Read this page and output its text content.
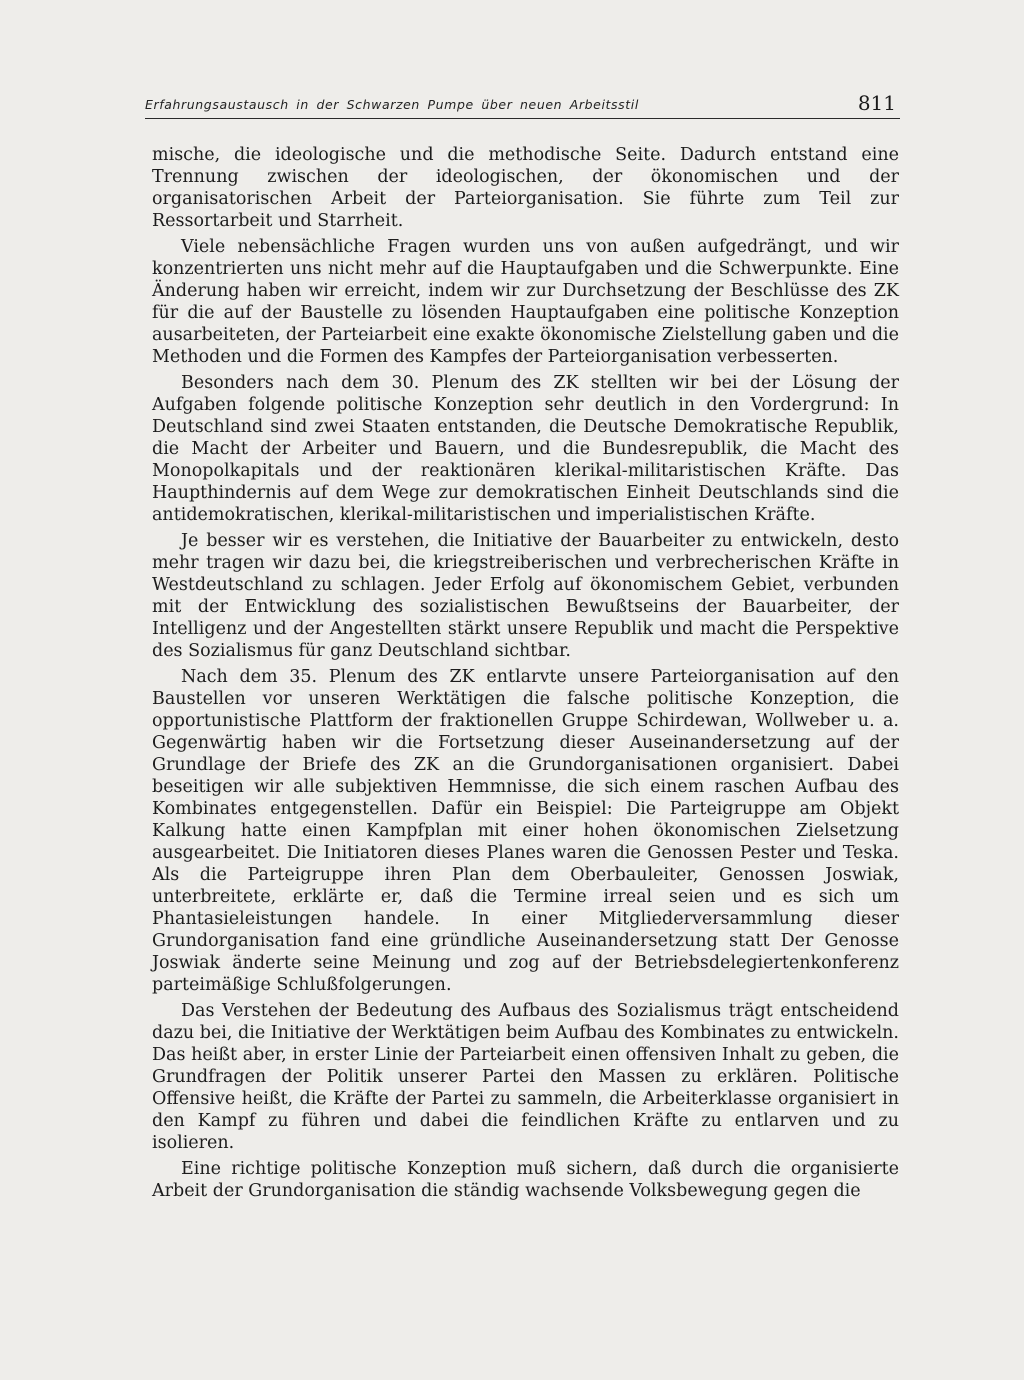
Erfahrungsaustausch in der Schwarzen Pumpe über neuen Arbeitsstil	811

mische, die ideologische und die methodische Seite. Dadurch entstand eine Trennung zwischen der ideologischen, der ökonomischen und der organisatorischen Arbeit der Parteiorganisation. Sie führte zum Teil zur Ressortarbeit und Starrheit.

Viele nebensächliche Fragen wurden uns von außen aufgedrängt, und wir konzentrierten uns nicht mehr auf die Hauptaufgaben und die Schwerpunkte. Eine Änderung haben wir erreicht, indem wir zur Durchsetzung der Beschlüsse des ZK für die auf der Baustelle zu lösenden Hauptaufgaben eine politische Konzeption ausarbeiteten, der Parteiarbeit eine exakte ökonomische Zielstellung gaben und die Methoden und die Formen des Kampfes der Parteiorganisation verbesserten.

Besonders nach dem 30. Plenum des ZK stellten wir bei der Lösung der Aufgaben folgende politische Konzeption sehr deutlich in den Vordergrund: In Deutschland sind zwei Staaten entstanden, die Deutsche Demokratische Republik, die Macht der Arbeiter und Bauern, und die Bundesrepublik, die Macht des Monopolkapitals und der reaktionären klerikal-militaristischen Kräfte. Das Haupthindernis auf dem Wege zur demokratischen Einheit Deutschlands sind die antidemokratischen, klerikal-militaristischen und imperialistischen Kräfte.

Je besser wir es verstehen, die Initiative der Bauarbeiter zu entwickeln, desto mehr tragen wir dazu bei, die kriegstreiberischen und verbrecherischen Kräfte in Westdeutschland zu schlagen. Jeder Erfolg auf ökonomischem Gebiet, verbunden mit der Entwicklung des sozialistischen Bewußtseins der Bauarbeiter, der Intelligenz und der Angestellten stärkt unsere Republik und macht die Perspektive des Sozialismus für ganz Deutschland sichtbar.

Nach dem 35. Plenum des ZK entlarvte unsere Parteiorganisation auf den Baustellen vor unseren Werktätigen die falsche politische Konzeption, die opportunistische Plattform der fraktionellen Gruppe Schirdewan, Wollweber u. a. Gegenwärtig haben wir die Fortsetzung dieser Auseinandersetzung auf der Grundlage der Briefe des ZK an die Grundorganisationen organisiert. Dabei beseitigen wir alle subjektiven Hemmnisse, die sich einem raschen Aufbau des Kombinates entgegenstellen. Dafür ein Beispiel: Die Parteigruppe am Objekt Kalkung hatte einen Kampfplan mit einer hohen ökonomischen Zielsetzung ausgearbeitet. Die Initiatoren dieses Planes waren die Genossen Pester und Teska. Als die Parteigruppe ihren Plan dem Oberbauleiter, Genossen Joswiak, unterbreitete, erklärte er, daß die Termine irreal seien und es sich um Phantasieleistungen handele. In einer Mitgliederversammlung dieser Grundorganisation fand eine gründliche Auseinandersetzung statt Der Genosse Joswiak änderte seine Meinung und zog auf der Betriebsdelegiertenkonferenz parteimäßige Schlußfolgerungen.

Das Verstehen der Bedeutung des Aufbaus des Sozialismus trägt entscheidend dazu bei, die Initiative der Werktätigen beim Aufbau des Kombinates zu entwickeln. Das heißt aber, in erster Linie der Parteiarbeit einen offensiven Inhalt zu geben, die Grundfragen der Politik unserer Partei den Massen zu erklären. Politische Offensive heißt, die Kräfte der Partei zu sammeln, die Arbeiterklasse organisiert in den Kampf zu führen und dabei die feindlichen Kräfte zu entlarven und zu isolieren.

Eine richtige politische Konzeption muß sichern, daß durch die organisierte Arbeit der Grundorganisation die ständig wachsende Volksbewegung gegen die
